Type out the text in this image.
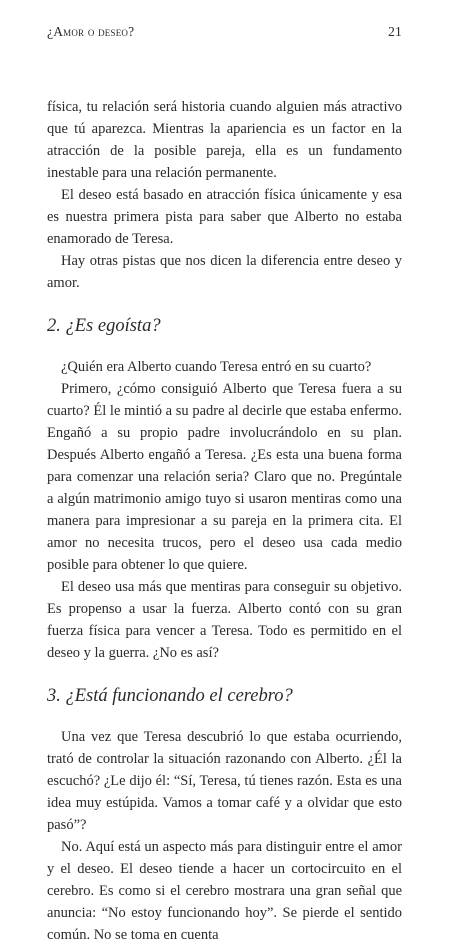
¿Amor o deseo?	21

física, tu relación será historia cuando alguien más atractivo que tú aparezca. Mientras la apariencia es un factor en la atracción de la posible pareja, ella es un fundamento inestable para una relación permanente.

El deseo está basado en atracción física únicamente y esa es nuestra primera pista para saber que Alberto no estaba enamorado de Teresa.

Hay otras pistas que nos dicen la diferencia entre deseo y amor.

2. ¿Es egoísta?

¿Quién era Alberto cuando Teresa entró en su cuarto?

Primero, ¿cómo consiguió Alberto que Teresa fuera a su cuarto? Él le mintió a su padre al decirle que estaba enfermo. Engañó a su propio padre involucrándolo en su plan. Después Alberto engañó a Teresa. ¿Es esta una buena forma para comenzar una relación seria? Claro que no. Pregúntale a algún matrimonio amigo tuyo si usaron mentiras como una manera para impresionar a su pareja en la primera cita. El amor no necesita trucos, pero el deseo usa cada medio posible para obtener lo que quiere.

El deseo usa más que mentiras para conseguir su objetivo. Es propenso a usar la fuerza. Alberto contó con su gran fuerza física para vencer a Teresa. Todo es permitido en el deseo y la guerra. ¿No es así?

3. ¿Está funcionando el cerebro?

Una vez que Teresa descubrió lo que estaba ocurriendo, trató de controlar la situación razonando con Alberto. ¿Él la escuchó? ¿Le dijo él: “Sí, Teresa, tú tienes razón. Esta es una idea muy estúpida. Vamos a tomar café y a olvidar que esto pasó”?

No. Aquí está un aspecto más para distinguir entre el amor y el deseo. El deseo tiende a hacer un cortocircuito en el cerebro. Es como si el cerebro mostrara una gran señal que anuncia: “No estoy funcionando hoy”. Se pierde el sentido común. No se toma en cuenta
